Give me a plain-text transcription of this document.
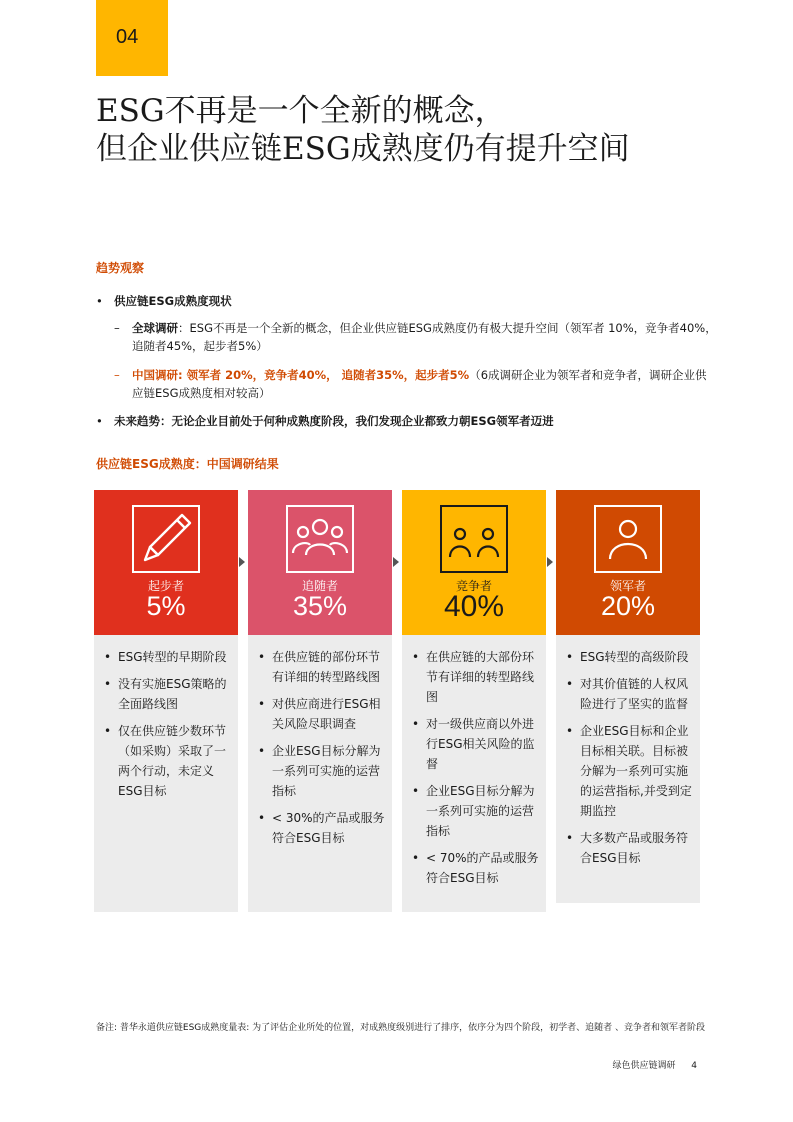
04
ESG不再是一个全新的概念，
但企业供应链ESG成熟度仍有提升空间
趋势观察
• 供应链ESG成熟度现状
– 全球调研：ESG不再是一个全新的概念，但企业供应链ESG成熟度仍有极大提升空间（领军者 10%，竞争者40%， 追随者45%，起步者5%）
– 中国调研: 领军者 20%，竞争者40%， 追随者35%，起步者5%（6成调研企业为领军者和竞争者，调研企业供应链ESG成熟度相对较高）
• 未来趋势：无论企业目前处于何种成熟度阶段，我们发现企业都致力朝ESG领军者迈进
供应链ESG成熟度：中国调研结果
起步者
5%
• ESG转型的早期阶段
• 没有实施ESG策略的全面路线图
• 仅在供应链少数环节（如采购）采取了一两个行动，未定义ESG目标
追随者
35%
• 在供应链的部份环节有详细的转型路线图
• 对供应商进行ESG相关风险尽职调查
• 企业ESG目标分解为一系列可实施的运营指标
• < 30%的产品或服务符合ESG目标
竞争者
40%
• 在供应链的大部份环节有详细的转型路线图
• 对一级供应商以外进行ESG相关风险的监督
• 企业ESG目标分解为一系列可实施的运营指标
• < 70%的产品或服务符合ESG目标
领军者
20%
• ESG转型的高级阶段
• 对其价值链的人权风险进行了坚实的监督
• 企业ESG目标和企业目标相关联。目标被分解为一系列可实施的运营指标,并受到定期监控
• 大多数产品或服务符合ESG目标
备注: 普华永道供应链ESG成熟度量表: 为了评估企业所处的位置，对成熟度级别进行了排序，依序分为四个阶段，初学者、追随者 、竞争者和领军者阶段
绿色供应链调研 4
